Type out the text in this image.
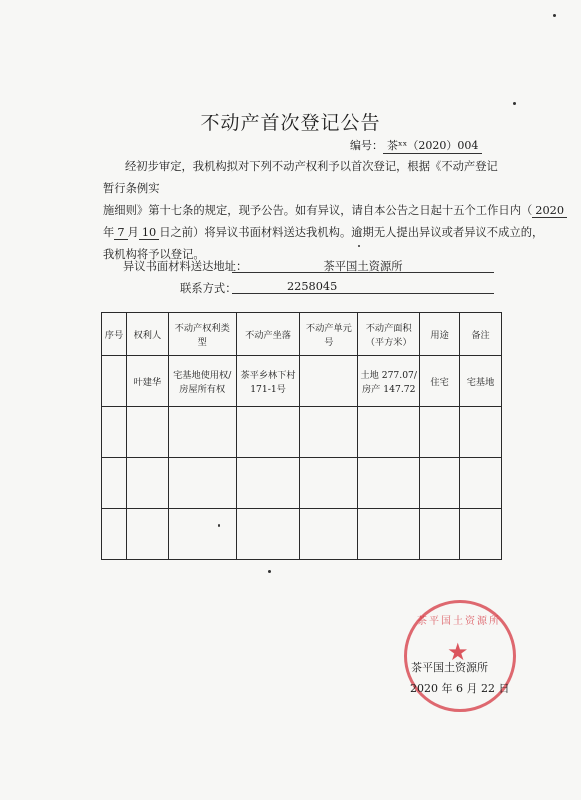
不动产首次登记公告
编号： 茶ˣˣ（2020）004

经初步审定，我机构拟对下列不动产权利予以首次登记，根据《不动产登记暂行条例实

施细则》第十七条的规定，现予公告。如有异议，请自本公告之日起十五个工作日内（ 2020
年 7 月 10 日之前）将异议书面材料送达我机构。逾期无人提出异议或者异议不成立的，
我机构将予以登记。
异议书面材料送达地址：	茶平国土资源所
联系方式：	2258045
序号	权利人	不动产权利类型	不动产坐落	不动产单元号	不动产面积（平方米）	用途	备注
	叶建华	宅基地使用权/房屋所有权	茶平乡林下村171-1号		土地 277.07/房产 147.72	住宅	宅基地

★
茶平国土资源所
茶平国土资源所
2020 年 6 月 22 日
